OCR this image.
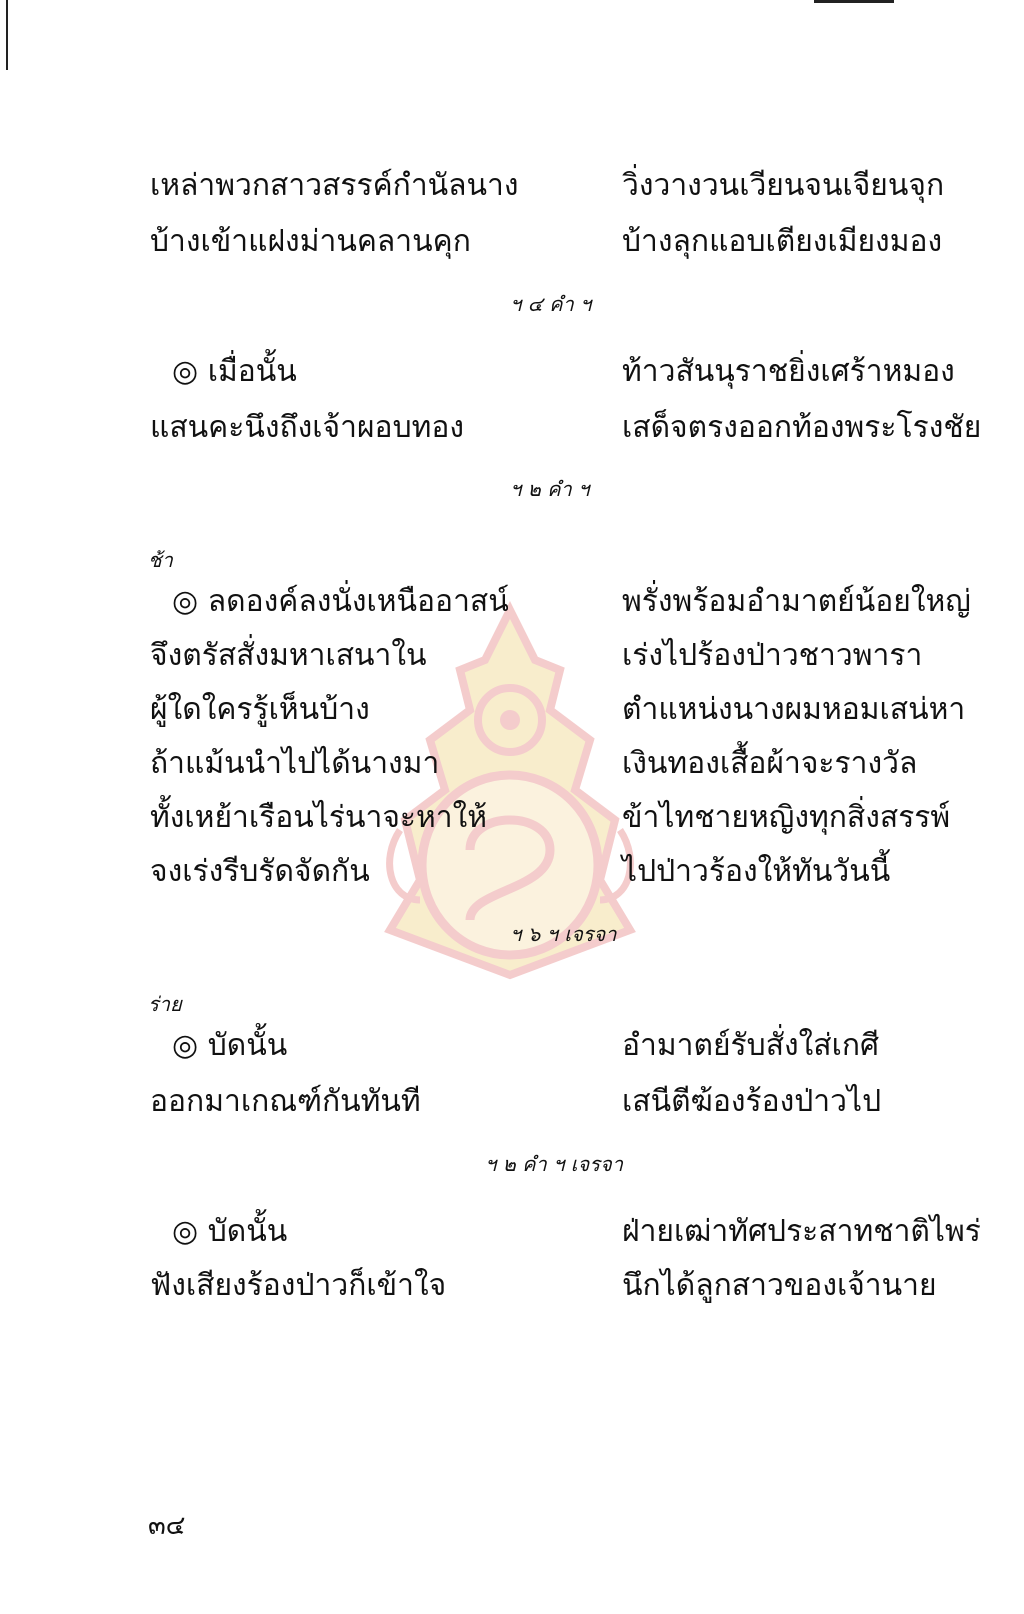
เหล่าพวกสาวสรรค์กำนัลนาง	วิ่งวางวนเวียนจนเจียนจุก
บ้างเข้าแฝงม่านคลานคุก	บ้างลุกแอบเตียงเมียงมอง
ฯ ๔ คำ ฯ
◎ เมื่อนั้น	ท้าวสันนุราชยิ่งเศร้าหมอง
แสนคะนึงถึงเจ้าผอบทอง	เสด็จตรงออกท้องพระโรงชัย
ฯ ๒ คำ ฯ
ช้า
◎ ลดองค์ลงนั่งเหนืออาสน์	พรั่งพร้อมอำมาตย์น้อยใหญ่
จึงตรัสสั่งมหาเสนาใน	เร่งไปร้องป่าวชาวพารา
ผู้ใดใครรู้เห็นบ้าง	ตำแหน่งนางผมหอมเสน่หา
ถ้าแม้นนำไปได้นางมา	เงินทองเสื้อผ้าจะรางวัล
ทั้งเหย้าเรือนไร่นาจะหาให้	ข้าไทชายหญิงทุกสิ่งสรรพ์
จงเร่งรีบรัดจัดกัน	ไปป่าวร้องให้ทันวันนี้
ฯ ๖ ฯ เจรจา
ร่าย
◎ บัดนั้น	อำมาตย์รับสั่งใส่เกศี
ออกมาเกณฑ์กันทันที	เสนีตีฆ้องร้องป่าวไป
ฯ ๒ คำ ฯ เจรจา
◎ บัดนั้น	ฝ่ายเฒ่าทัศประสาทชาติไพร่
ฟังเสียงร้องป่าวก็เข้าใจ	นึกได้ลูกสาวของเจ้านาย
๓๔
